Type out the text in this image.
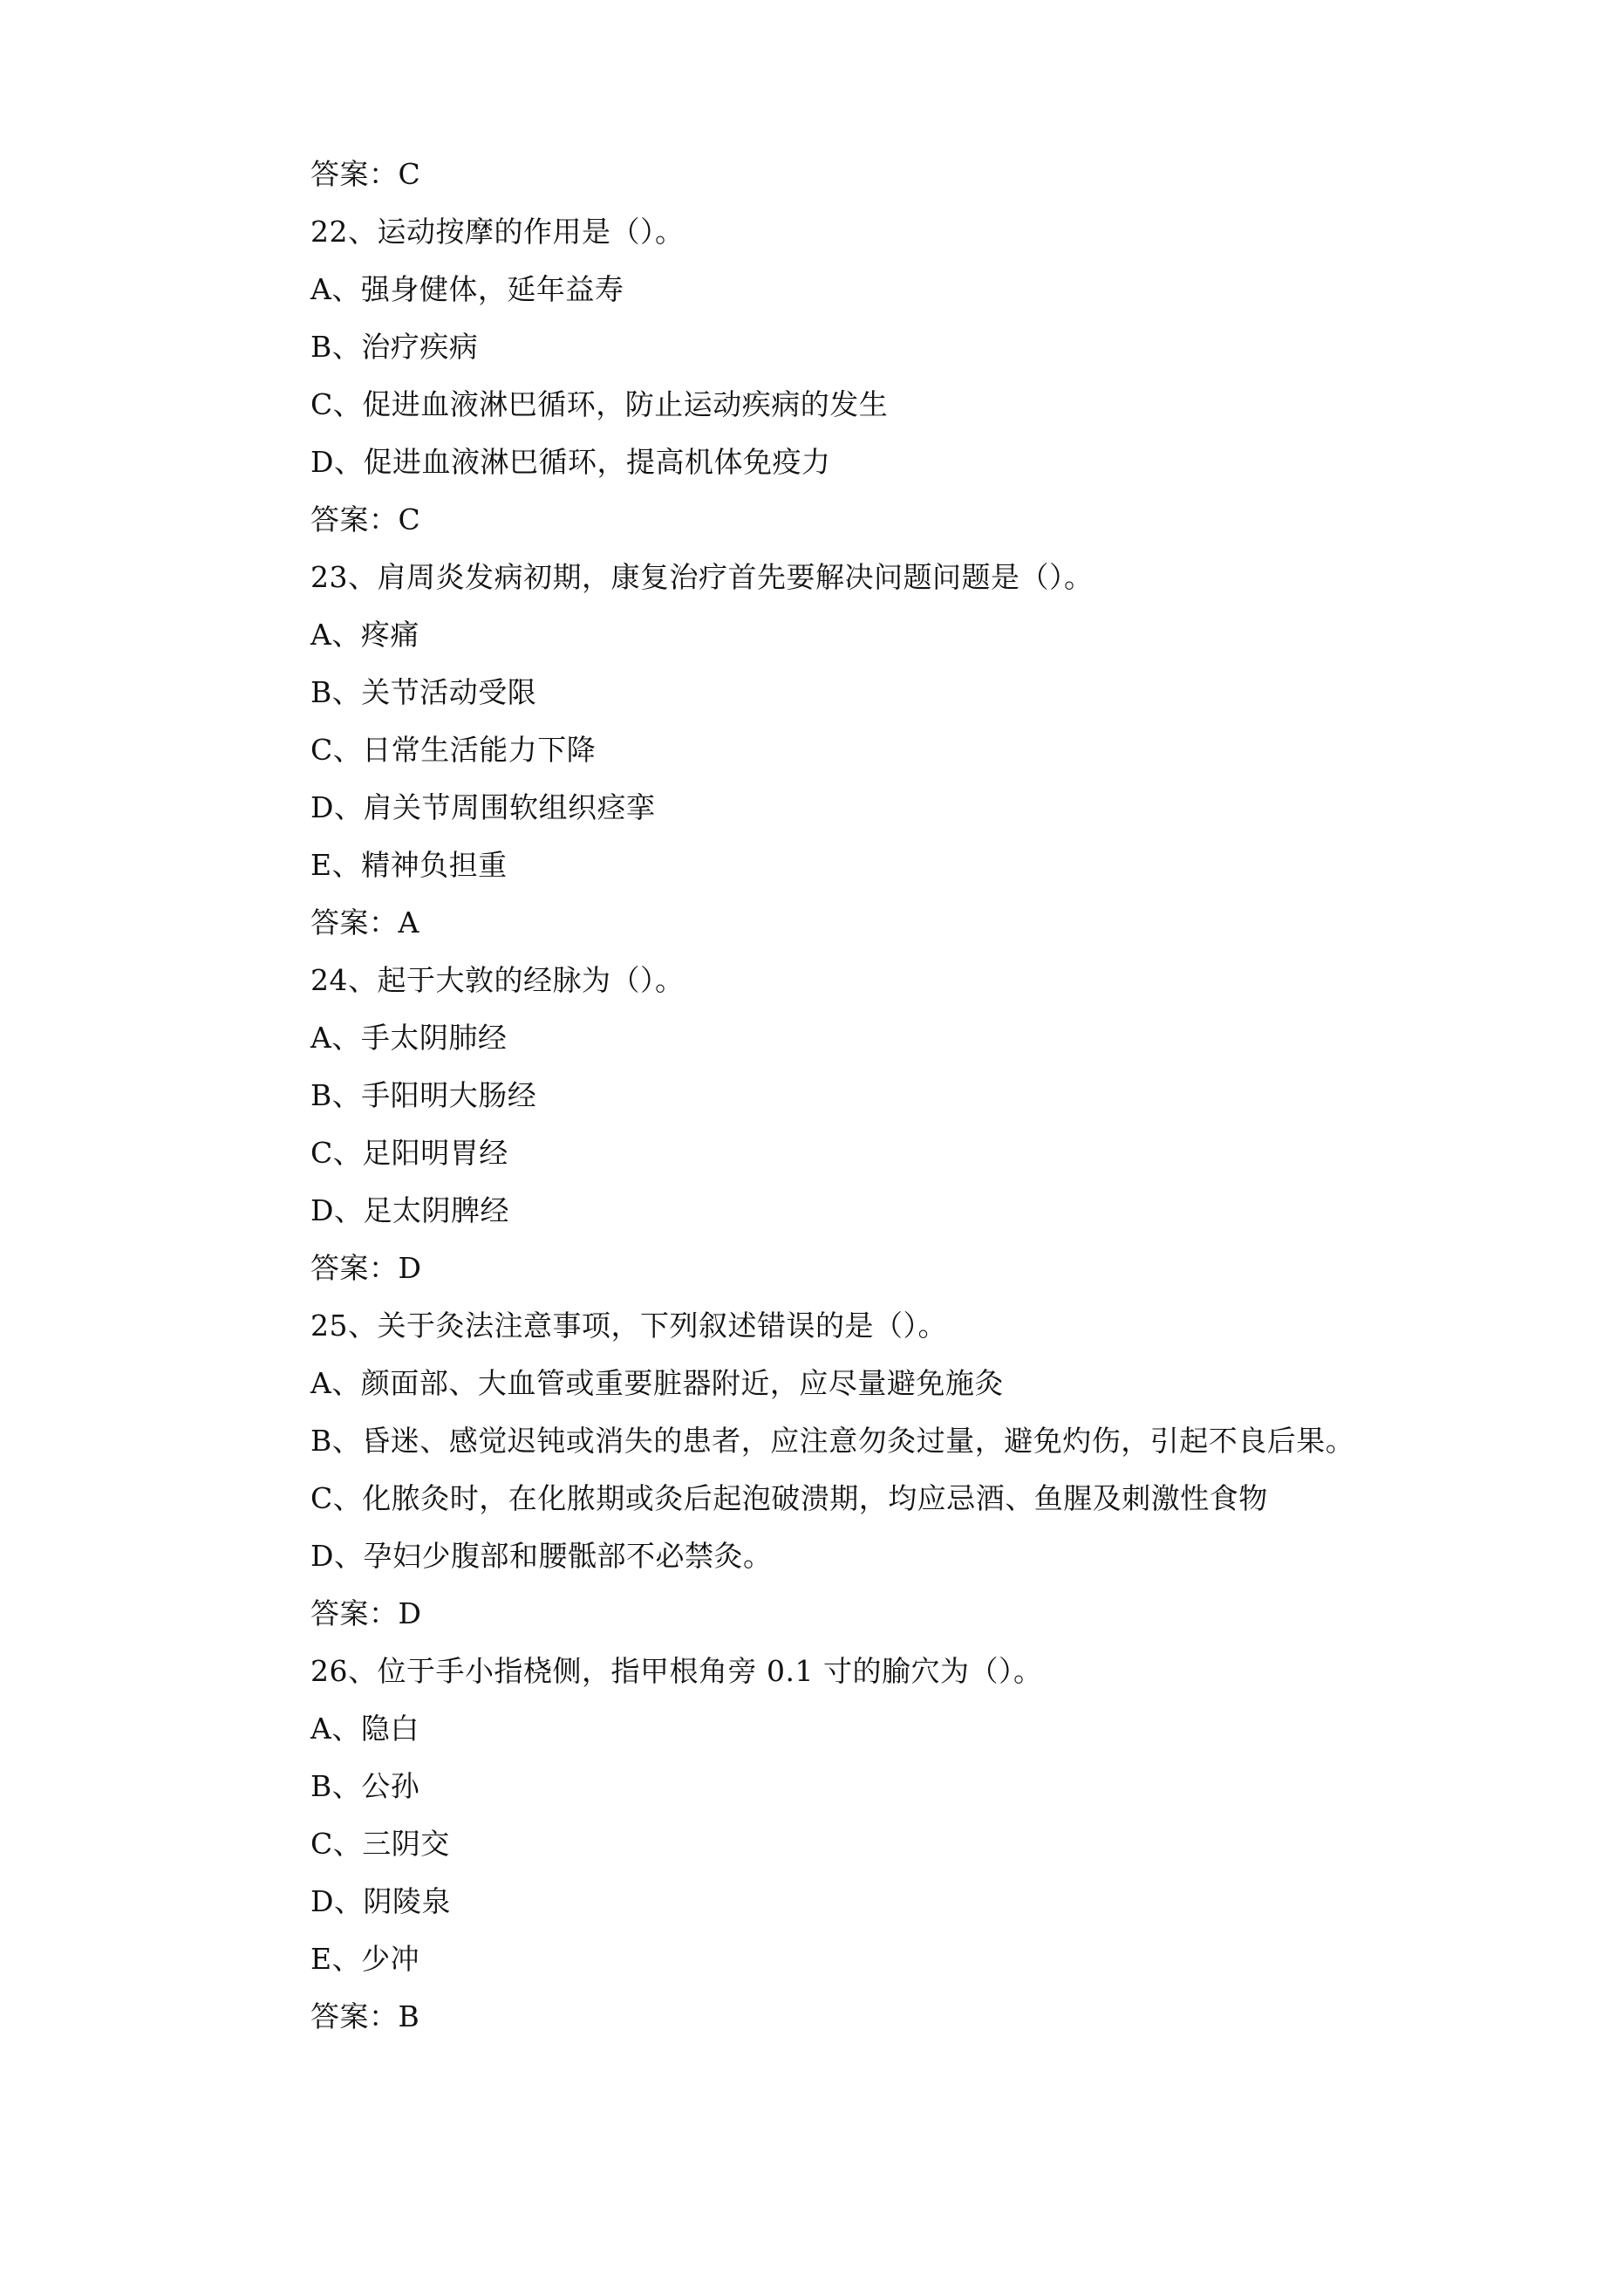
答案：C
22、运动按摩的作用是（）。
A、强身健体，延年益寿
B、治疗疾病
C、促进血液淋巴循环，防止运动疾病的发生
D、促进血液淋巴循环，提高机体免疫力
答案：C
23、肩周炎发病初期，康复治疗首先要解决问题问题是（）。
A、疼痛
B、关节活动受限
C、日常生活能力下降
D、肩关节周围软组织痉挛
E、精神负担重
答案：A
24、起于大敦的经脉为（）。
A、手太阴肺经
B、手阳明大肠经
C、足阳明胃经
D、足太阴脾经
答案：D
25、关于灸法注意事项，下列叙述错误的是（）。
A、颜面部、大血管或重要脏器附近，应尽量避免施灸
B、昏迷、感觉迟钝或消失的患者，应注意勿灸过量，避免灼伤，引起不良后果。
C、化脓灸时，在化脓期或灸后起泡破溃期，均应忌酒、鱼腥及刺激性食物
D、孕妇少腹部和腰骶部不必禁灸。
答案：D
26、位于手小指桡侧，指甲根角旁 0.1 寸的腧穴为（）。
A、隐白
B、公孙
C、三阴交
D、阴陵泉
E、少冲
答案：B
